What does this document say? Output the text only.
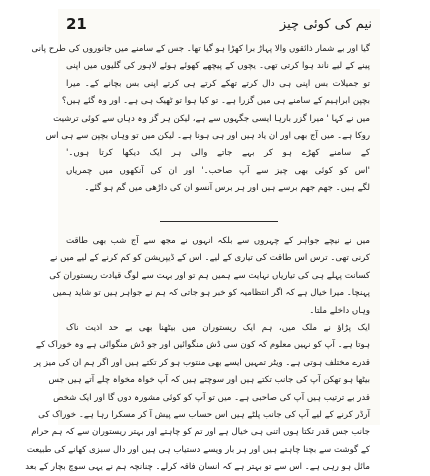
21	نیم کی کوئی چیز
گیا اور بے شمار ذائقوں والا پہاڑ برا کھڑا ہو گیا تھا۔ جس کے سامنے میں جانوروں کی طرح پانی
پینے کے لیے ناند ہوا کرتی تھی۔ یچوں کے پیچھے کھوئے ہوئے لاہور کی گلیوں میں اپنی
تو جمیلات بس اپنی ہی دال کرتے تھکے کرتے ہی کرتے اپنی بس بچانے کے۔ میرا
بچپن ابراہیم کے سامنے ہی میں گزرا ہے۔ تو کیا ہوا تو ٹھیک ہی ہے۔ اور وہ گئے ہیں؟
میں نے کہا ' میرا گزر بارہا ایسی جگہوں سے ہے، لیکن ہر گز وہ دہاں سے کوئی ترشیت
روکا ہے۔ میں آج بھی اور ان یاد ہیں اور ہی ہونا ہے۔ لیکن میں تو وہاں بچپن سے ہی اس
کے سامنے کھڑے ہو کر بہے جاتے والی ہر ایک دیکھا کرتا ہوں۔'
'اس کو کوئی بھی چیز سے آپ صاحب۔' اور ان کی آنکھوں میں چمریاں
لگے ہیں۔ جھم جھم برسے ہیں اور ہر برس آنسو ان کی داڑھی میں گم ہو گئے۔
میں نے نیچے جواہر کے چہروں سے بلکہ انہوں نے مجھ سے آج شب بھی طاقت
کرنی تھی۔ ترس اس طاقت کی تیاری کے لیے۔ اس کے ڈیپریشن کو کم کرنے کے لیے میں نے
کسانت پہلے ہی کی تیاریاں نہایت سے ہمیں ہم تو اور بہت سے لوگ قیادت ریستوران کی
پہنچا۔ میرا خیال ہے کہ اگر انتظامیہ کو خبر ہو جاتی کہ ہم نے جواہر ہیں تو شاید ہمیں
وہاں داخلے ملتا۔
ایک پڑاؤ نے ملک میں، ہم ایک ریستوران میں بیٹھنا بھی بے حد اذیت ناک
ہوتا ہے۔ آپ کو نہیں معلوم کہ کون سی ڈش منگوائیں اور جو ڈش منگوائی ہے وہ خوراک کے
قدرے مختلف ہوتی ہے۔ ویٹر تمہیں ایسے بھی منتوب ہو کر تکتے ہیں اور اگر ہم ان کی میز پر
بیٹھا ہو تھکن آپ کی جانب تکتے ہیں اور سوچتے ہیں کہ آپ خواہ مخواہ چلے آتے ہیں جس
قدر بے ترتیب ہیں آپ کی صاحبی ہے۔ میں تو آپ کو کوئی مشورہ دوں گا اور ایک شخص
آرڈر کرنے کے لیے آپ کی جانب پلٹے ہیں اس حساب سے پیش آ کر مسکرا رہا ہے۔ خوراک کی
جانب جس قدر تکتا ہوں اتنی ہی خیال ہے اور تم کو چاہتے اور بہتر ریستوران سے کہ ہم حرام
کے گوشت سے بچنا چاہتے ہیں اور ہر بار ویسے دستیاب ہی ہیں اور دال سبزی کھانے کی طبیعت
مائل ہو رہی ہے۔ اس سے تو بہتر ہے کہ انسان فاقہ کرلے۔ چنانچہ ہم نے یہی سوچ بچار کے بعد
